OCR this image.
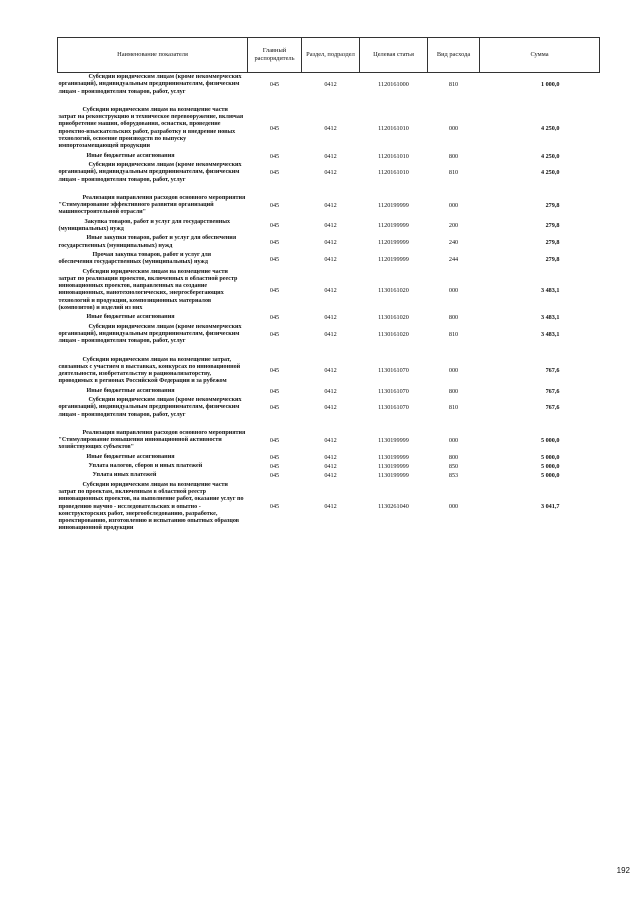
Наименование показателя	Главный распорядитель	Раздел, подраздел	Целевая статья	Вид расхода	Сумма

Субсидии юридическим лицам (кроме некоммерческих организаций), индивидуальным предпринимателям, физическим лицам - производителям товаров, работ, услуг	045	0412	1120161000	810	1 000,0

Субсидии юридическим лицам на возмещение части затрат на реконструкцию и техническое перевооружение, включая приобретение машин, оборудования, оснастки, проведение проектно-изыскательских работ, разработку и внедрение новых технологий, освоение производств по выпуску импортозамещающей продукции	045	0412	1120161010	000	4 250,0

Иные бюджетные ассигнования	045	0412	1120161010	800	4 250,0

Субсидии юридическим лицам (кроме некоммерческих организаций), индивидуальным предпринимателям, физическим лицам - производителям товаров, работ, услуг	045	0412	1120161010	810	4 250,0

Реализация направления расходов основного мероприятия "Стимулирование эффективного развития организаций машиностроительной отрасли"	045	0412	1120199999	000	279,8

Закупка товаров, работ и услуг для государственных (муниципальных) нужд	045	0412	1120199999	200	279,8

Иные закупки товаров, работ и услуг для обеспечения государственных (муниципальных) нужд	045	0412	1120199999	240	279,8

Прочая закупка товаров, работ и услуг для обеспечения государственных (муниципальных) нужд	045	0412	1120199999	244	279,8

Субсидии юридическим лицам на возмещение части затрат по реализации проектов, включенных в областной реестр инновационных проектов, направленных на создание инновационных, нанотехнологических, энергосберегающих технологий и продукции, композиционных материалов (композитов) и изделий из них	045	0412	1130161020	000	3 483,1

Иные бюджетные ассигнования	045	0412	1130161020	800	3 483,1

Субсидии юридическим лицам (кроме некоммерческих организаций), индивидуальным предпринимателям, физическим лицам - производителям товаров, работ, услуг	045	0412	1130161020	810	3 483,1

Субсидии юридическим лицам на возмещение затрат, связанных с участием в выставках, конкурсах по инновационной деятельности, изобретательству и рационализаторству, проводимых в регионах Российской Федерации и за рубежом	045	0412	1130161070	000	767,6

Иные бюджетные ассигнования	045	0412	1130161070	800	767,6

Субсидии юридическим лицам (кроме некоммерческих организаций), индивидуальным предпринимателям, физическим лицам - производителям товаров, работ, услуг	045	0412	1130161070	810	767,6

Реализация направления расходов основного мероприятия "Стимулирование повышения инновационной активности хозяйствующих субъектов"	045	0412	1130199999	000	5 000,0

Иные бюджетные ассигнования	045	0412	1130199999	800	5 000,0

Уплата налогов, сборов и иных платежей	045	0412	1130199999	850	5 000,0

Уплата иных платежей	045	0412	1130199999	853	5 000,0

Субсидии юридическим лицам на возмещение части затрат по проектам, включенным в областной реестр инновационных проектов, на выполнение работ, оказание услуг по проведению научно - исследовательских и опытно - конструкторских работ, энергообследованию, разработке, проектированию, изготовлению и испытанию опытных образцов инновационной продукции	045	0412	1130261040	000	3 041,7
192
